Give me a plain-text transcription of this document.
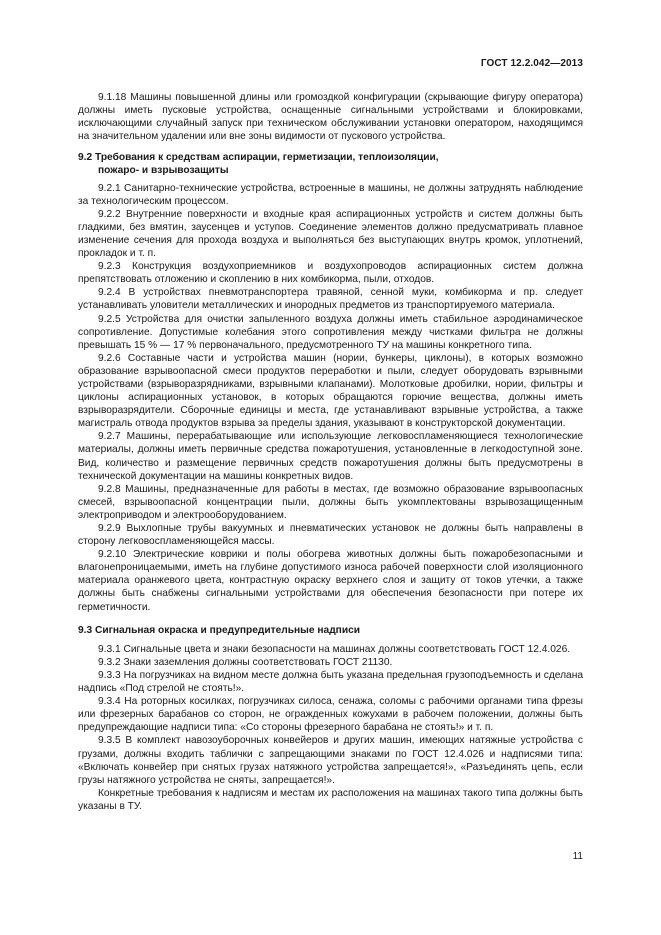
ГОСТ 12.2.042—2013

9.1.18 Машины повышенной длины или громоздкой конфигурации (скрывающие фигуру оператора) должны иметь пусковые устройства, оснащенные сигнальными устройствами и блокировками, исключающими случайный запуск при техническом обслуживании установки оператором, находящимся на значительном удалении или вне зоны видимости от пускового устройства.

9.2 Требования к средствам аспирации, герметизации, теплоизоляции,
пожаро- и взрывозащиты

9.2.1 Санитарно-технические устройства, встроенные в машины, не должны затруднять наблюдение за технологическим процессом.

9.2.2 Внутренние поверхности и входные края аспирационных устройств и систем должны быть гладкими, без вмятин, заусенцев и уступов. Соединение элементов должно предусматривать плавное изменение сечения для прохода воздуха и выполняться без выступающих внутрь кромок, уплотнений, прокладок и т. п.

9.2.3 Конструкция воздухоприемников и воздухопроводов аспирационных систем должна препятствовать отложению и скоплению в них комбикорма, пыли, отходов.

9.2.4 В устройствах пневмотранспортера травяной, сенной муки, комбикорма и пр. следует устанавливать уловители металлических и инородных предметов из транспортируемого материала.

9.2.5 Устройства для очистки запыленного воздуха должны иметь стабильное аэродинамическое сопротивление. Допустимые колебания этого сопротивления между чистками фильтра не должны превышать 15 % — 17 % первоначального, предусмотренного ТУ на машины конкретного типа.

9.2.6 Составные части и устройства машин (нории, бункеры, циклоны), в которых возможно образование взрывоопасной смеси продуктов переработки и пыли, следует оборудовать взрывными устройствами (взрыворазрядниками, взрывными клапанами). Молотковые дробилки, нории, фильтры и циклоны аспирационных установок, в которых обращаются горючие вещества, должны иметь взрыворазрядители. Сборочные единицы и места, где устанавливают взрывные устройства, а также магистраль отвода продуктов взрыва за пределы здания, указывают в конструкторской документации.

9.2.7 Машины, перерабатывающие или использующие легковоспламеняющиеся технологические материалы, должны иметь первичные средства пожаротушения, установленные в легкодоступной зоне. Вид, количество и размещение первичных средств пожаротушения должны быть предусмотрены в технической документации на машины конкретных видов.

9.2.8 Машины, предназначенные для работы в местах, где возможно образование взрывоопасных смесей, взрывоопасной концентрации пыли, должны быть укомплектованы взрывозащищенным электроприводом и электрооборудованием.

9.2.9 Выхлопные трубы вакуумных и пневматических установок не должны быть направлены в сторону легковоспламеняющейся массы.

9.2.10 Электрические коврики и полы обогрева животных должны быть пожаробезопасными и влагонепроницаемыми, иметь на глубине допустимого износа рабочей поверхности слой изоляционного материала оранжевого цвета, контрастную окраску верхнего слоя и защиту от токов утечки, а также должны быть снабжены сигнальными устройствами для обеспечения безопасности при потере их герметичности.

9.3 Сигнальная окраска и предупредительные надписи

9.3.1 Сигнальные цвета и знаки безопасности на машинах должны соответствовать ГОСТ 12.4.026.

9.3.2 Знаки заземления должны соответствовать ГОСТ 21130.

9.3.3 На погрузчиках на видном месте должна быть указана предельная грузоподъемность и сделана надпись «Под стрелой не стоять!».

9.3.4 На роторных косилках, погрузчиках силоса, сенажа, соломы с рабочими органами типа фрезы или фрезерных барабанов со сторон, не огражденных кожухами в рабочем положении, должны быть предупреждающие надписи типа: «Со стороны фрезерного барабана не стоять!» и т. п.

9.3.5 В комплект навозоуборочных конвейеров и других машин, имеющих натяжные устройства с грузами, должны входить таблички с запрещающими знаками по ГОСТ 12.4.026 и надписями типа: «Включать конвейер при снятых грузах натяжного устройства запрещается!», «Разъединять цепь, если грузы натяжного устройства не сняты, запрещается!».

Конкретные требования к надписям и местам их расположения на машинах такого типа должны быть указаны в ТУ.

11
